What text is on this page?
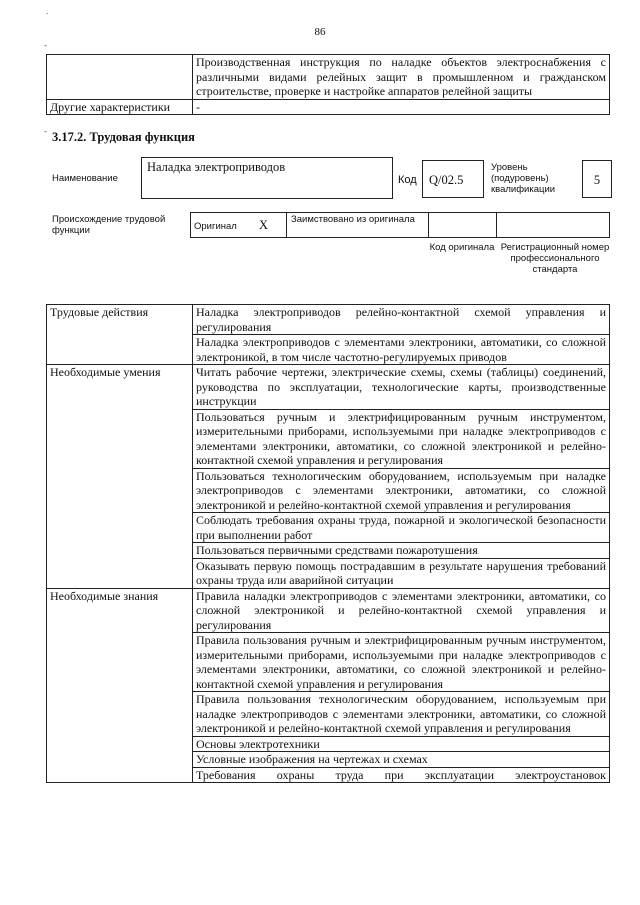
86
.
-
-
	Производственная инструкция по наладке объектов электроснабжения с различными видами релейных защит в промышленном и гражданском строительстве, проверке и настройке аппаратов релейной защиты
Другие характеристики	-
3.17.2. Трудовая функция
Наименование
Наладка электроприводов
Код Q/02.5
Уровень (подуровень) квалификации
5
Происхождение трудовой функции	Оригинал X Заимствовано из оригинала
Код оригинала Регистрационный номер профессионального стандарта
Трудовые действия	Наладка электроприводов релейно-контактной схемой управления и регулирования
	Наладка электроприводов с элементами электроники, автоматики, со сложной электроникой, в том числе частотно-регулируемых приводов
Необходимые умения	Читать рабочие чертежи, электрические схемы, схемы (таблицы) соединений, руководства по эксплуатации, технологические карты, производственные инструкции
	Пользоваться ручным и электрифицированным ручным инструментом, измерительными приборами, используемыми при наладке электроприводов с элементами электроники, автоматики, со сложной электроникой и релейно-контактной схемой управления и регулирования
	Пользоваться технологическим оборудованием, используемым при наладке электроприводов с элементами электроники, автоматики, со сложной электроникой и релейно-контактной схемой управления и регулирования
	Соблюдать требования охраны труда, пожарной и экологической безопасности при выполнении работ
	Пользоваться первичными средствами пожаротушения
	Оказывать первую помощь пострадавшим в результате нарушения требований охраны труда или аварийной ситуации
Необходимые знания	Правила наладки электроприводов с элементами электроники, автоматики, со сложной электроникой и релейно-контактной схемой управления и регулирования
	Правила пользования ручным и электрифицированным ручным инструментом, измерительными приборами, используемыми при наладке электроприводов с элементами электроники, автоматики, со сложной электроникой и релейно-контактной схемой управления и регулирования
	Правила пользования технологическим оборудованием, используемым при наладке электроприводов с элементами электроники, автоматики, со сложной электроникой и релейно-контактной схемой управления и регулирования
	Основы электротехники
	Условные изображения на чертежах и схемах
	Требования охраны труда при эксплуатации электроустановок
